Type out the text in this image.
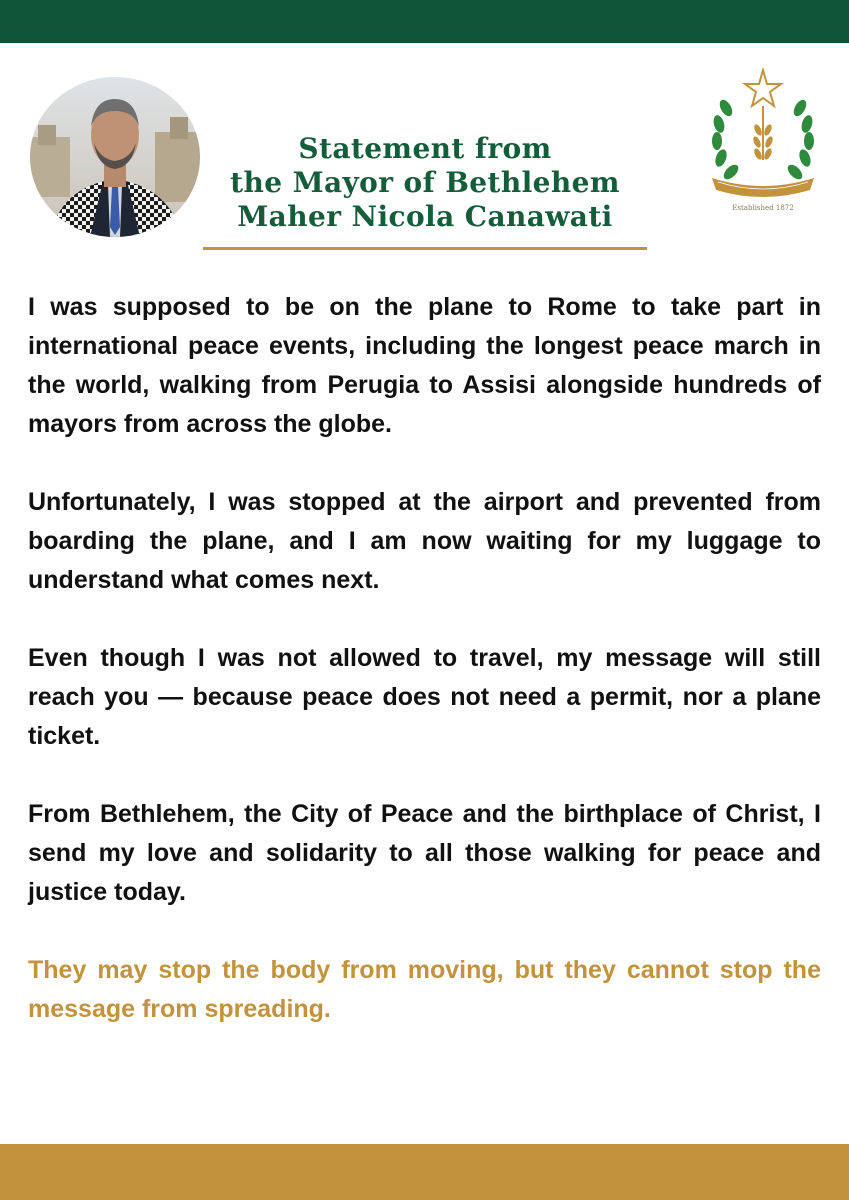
Established 1872
Statement from
the Mayor of Bethlehem
Maher Nicola Canawati

I was supposed to be on the plane to Rome to take part in international peace events, including the longest peace march in the world, walking from Perugia to Assisi alongside hundreds of mayors from across the globe.

Unfortunately, I was stopped at the airport and prevented from boarding the plane, and I am now waiting for my luggage to understand what comes next.

Even though I was not allowed to travel, my message will still reach you — because peace does not need a permit, nor a plane ticket.

From Bethlehem, the City of Peace and the birthplace of Christ, I send my love and solidarity to all those walking for peace and justice today.

They may stop the body from moving, but they cannot stop the message from spreading.
